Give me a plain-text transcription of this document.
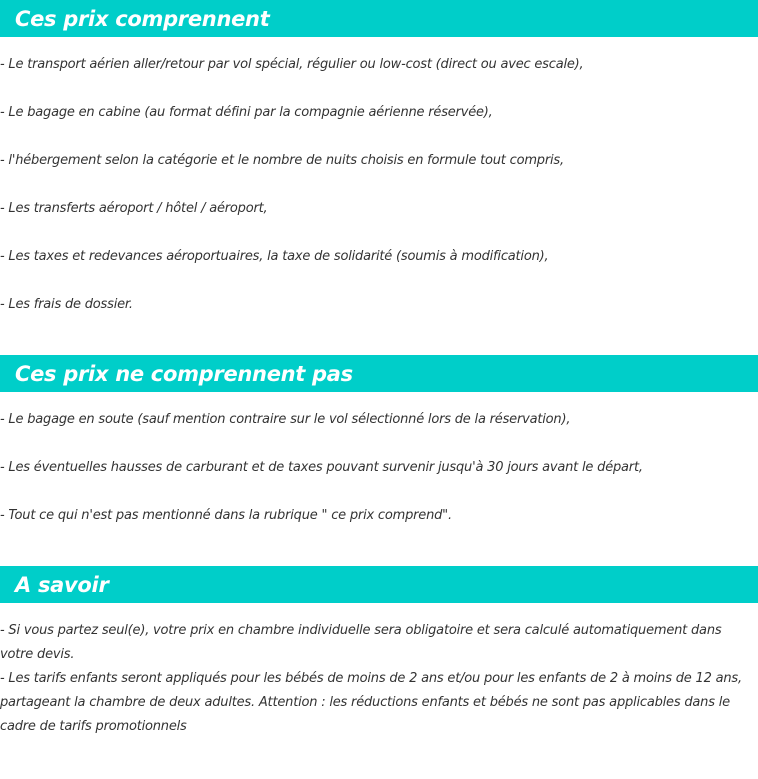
Ces prix comprennent
- Le transport aérien aller/retour par vol spécial, régulier ou low-cost (direct ou avec escale),
- Le bagage en cabine (au format défini par la compagnie aérienne réservée),
- l'hébergement selon la catégorie et le nombre de nuits choisis en formule tout compris,
- Les transferts aéroport / hôtel / aéroport,
- Les taxes et redevances aéroportuaires, la taxe de solidarité (soumis à modification),
- Les frais de dossier.
Ces prix ne comprennent pas
- Le bagage en soute (sauf mention contraire sur le vol sélectionné lors de la réservation),
- Les éventuelles hausses de carburant et de taxes pouvant survenir jusqu'à 30 jours avant le départ,
- Tout ce qui n'est pas mentionné dans la rubrique " ce prix comprend".
A savoir
- Si vous partez seul(e), votre prix en chambre individuelle sera obligatoire et sera calculé automatiquement dans votre devis.
- Les tarifs enfants seront appliqués pour les bébés de moins de 2 ans et/ou pour les enfants de 2 à moins de 12 ans, partageant la chambre de deux adultes. Attention : les réductions enfants et bébés ne sont pas applicables dans le cadre de tarifs promotionnels
